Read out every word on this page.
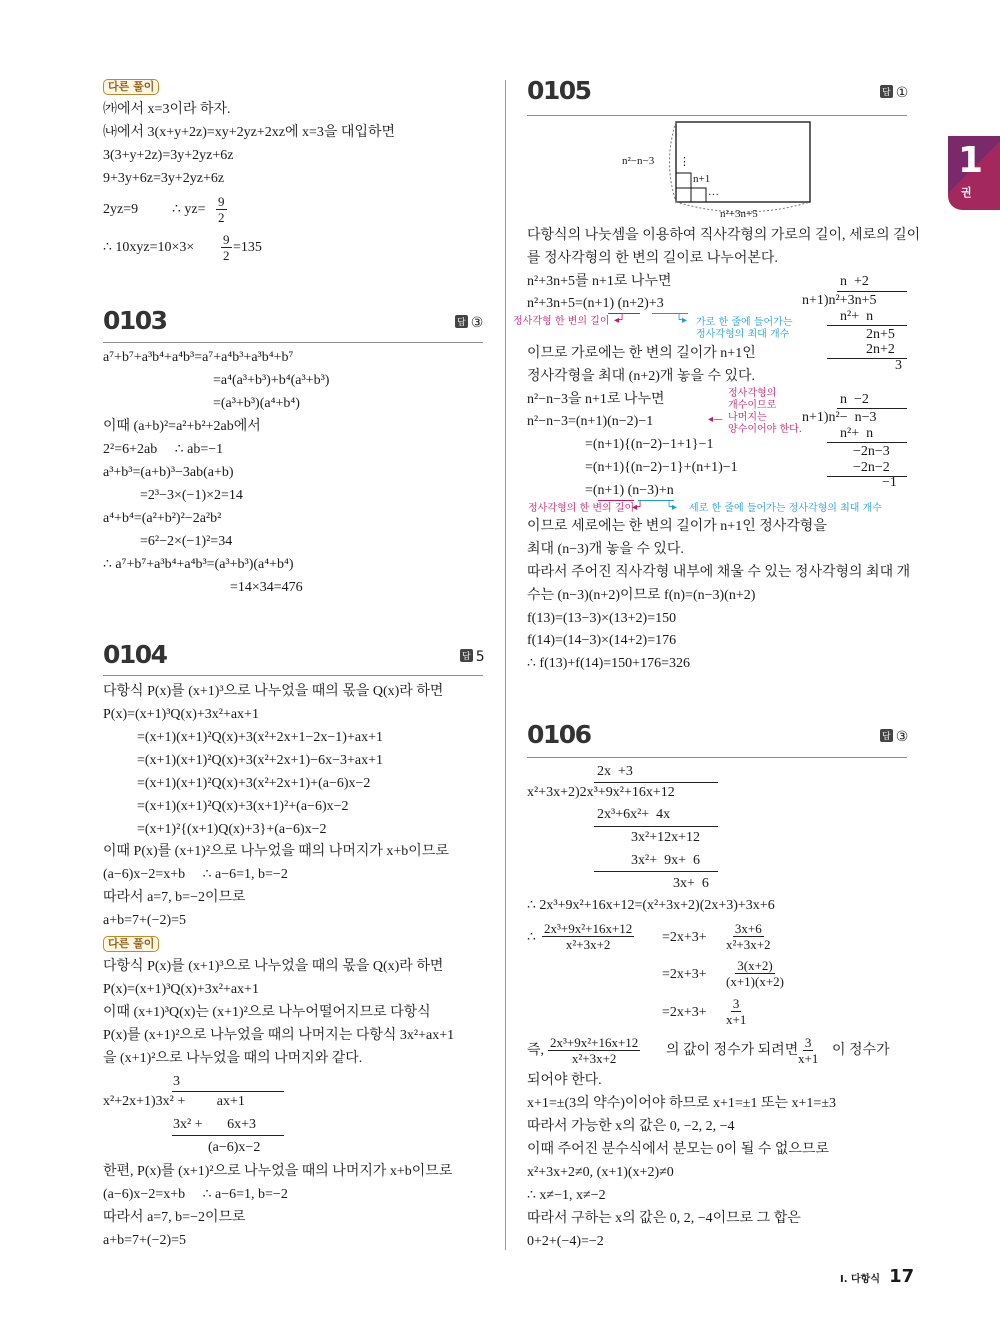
다른 풀이
㈎에서 x=3이라 하자.
㈏에서 3(x+y+2z)=xy+2yz+2xz에 x=3을 대입하면
3(3+y+2z)=3y+2yz+6z
9+3y+6z=3y+2yz+6z
2yz=9 ∴ $yz= \frac{9}{2}$
∴ $10xyz=10\times 3\times \frac{9}{2} =135$
0103	답 ③
a⁷+b⁷+a³b⁴+a⁴b³=a⁷+a⁴b³+a³b⁴+b⁷
=a⁴(a³+b³)+b⁴(a³+b³)
=(a³+b³)(a⁴+b⁴)
이때 (a+b)²=a²+b²+2ab에서
2²=6+2ab     ∴ ab=−1
a³+b³=(a+b)³−3ab(a+b)
=2³−3×(−1)×2=14
a⁴+b⁴=(a²+b²)²−2a²b²
=6²−2×(−1)²=34
∴ a⁷+b⁷+a³b⁴+a⁴b³=(a³+b³)(a⁴+b⁴)
=14×34=476
0104	답 5
다항식 P(x)를 (x+1)³으로 나누었을 때의 몫을 Q(x)라 하면
P(x)=(x+1)³Q(x)+3x²+ax+1
=(x+1)(x+1)²Q(x)+3(x²+2x+1−2x−1)+ax+1
=(x+1)(x+1)²Q(x)+3(x²+2x+1)−6x−3+ax+1
=(x+1)(x+1)²Q(x)+3(x²+2x+1)+(a−6)x−2
=(x+1)(x+1)²Q(x)+3(x+1)²+(a−6)x−2
=(x+1)²{(x+1)Q(x)+3}+(a−6)x−2
이때 P(x)를 (x+1)²으로 나누었을 때의 나머지가 x+b이므로
(a−6)x−2=x+b     ∴ a−6=1, b=−2
따라서 a=7, b=−2이므로
a+b=7+(−2)=5
다른 풀이
다항식 P(x)를 (x+1)³으로 나누었을 때의 몫을 Q(x)라 하면
P(x)=(x+1)³Q(x)+3x²+ax+1
이때 (x+1)³Q(x)는 (x+1)²으로 나누어떨어지므로 다항식
P(x)를 (x+1)²으로 나누었을 때의 나머지는 다항식 3x²+ax+1
을 (x+1)²으로 나누었을 때의 나머지와 같다.
3
x²+2x+1)3x² +         ax+1
3x² +       6x+3
(a−6)x−2
한편, P(x)를 (x+1)²으로 나누었을 때의 나머지가 x+b이므로
(a−6)x−2=x+b     ∴ a−6=1, b=−2
따라서 a=7, b=−2이므로
a+b=7+(−2)=5
0105	답 ①
n²−n−3 ⋮
n+1
…
n²+3n+5
다항식의 나눗셈을 이용하여 직사각형의 가로의 길이, 세로의 길이
를 정사각형의 한 변의 길이로 나누어본다.
n²+3n+5를 n+1로 나누면
n²+3n+5=(n+1) (n+2)+3
정사각형 한 변의 길이 ◂┘	└▸ 가로 한 줄에 들어가는
정사각형의 최대 개수
이므로 가로에는 한 변의 길이가 n+1인
정사각형을 최대 (n+2)개 놓을 수 있다.
n²−n−3을 n+1로 나누면
n²−n−3=(n+1)(n−2)−1
=(n+1){(n−2)−1+1}−1
=(n+1){(n−2)−1}+(n+1)−1
=(n+1) (n−3)+n
◂—
정사각형의
개수이므로
나머지는
양수이어야 한다.
정사각형의 한 변의 길이
◂┘ └▸ 세로 한 줄에 들어가는 정사각형의 최대 개수
이므로 세로에는 한 변의 길이가 n+1인 정사각형을
최대 (n−3)개 놓을 수 있다.
따라서 주어진 직사각형 내부에 채울 수 있는 정사각형의 최대 개
수는 (n−3)(n+2)이므로 f(n)=(n−3)(n+2)
f(13)=(13−3)×(13+2)=150
f(14)=(14−3)×(14+2)=176
∴ f(13)+f(14)=150+176=326
n  +2
n+1)n²+3n+5
n²+  n
2n+5
2n+2
3
n  −2
n+1)n²−  n−3
n²+  n
−2n−3
−2n−2
−1
0106	답 ③
2x  +3
x²+3x+2)2x³+9x²+16x+12
2x³+6x²+  4x
3x²+12x+12
3x²+  9x+  6
3x+  6
∴ 2x³+9x²+16x+12=(x²+3x+2)(2x+3)+3x+6
∴ $\frac{\text{2x³+9x²+16x+12}}{\text{x²+3x+2}} =2x+3+ \frac{3x+6}{\text{x²+3x+2}}$
$=2x+3+ \frac{3(x+2)}{(x+1)(x+2)}$
$=2x+3+ \frac{3}{x+1}$
즉, $\frac{\text{2x³+9x²+16x+12}}{\text{x²+3x+2}}$ 의 값이 정수가 되려면 $\frac{3}{x+1}$ 이 정수가
되어야 한다.
x+1=±(3의 약수)이어야 하므로 x+1=±1 또는 x+1=±3
따라서 가능한 x의 값은 0, −2, 2, −4
이때 주어진 분수식에서 분모는 0이 될 수 없으므로
x²+3x+2≠0, (x+1)(x+2)≠0
∴ x≠−1, x≠−2
따라서 구하는 x의 값은 0, 2, −4이므로 그 합은
0+2+(−4)=−2
1
권
Ⅰ. 다항식 17
